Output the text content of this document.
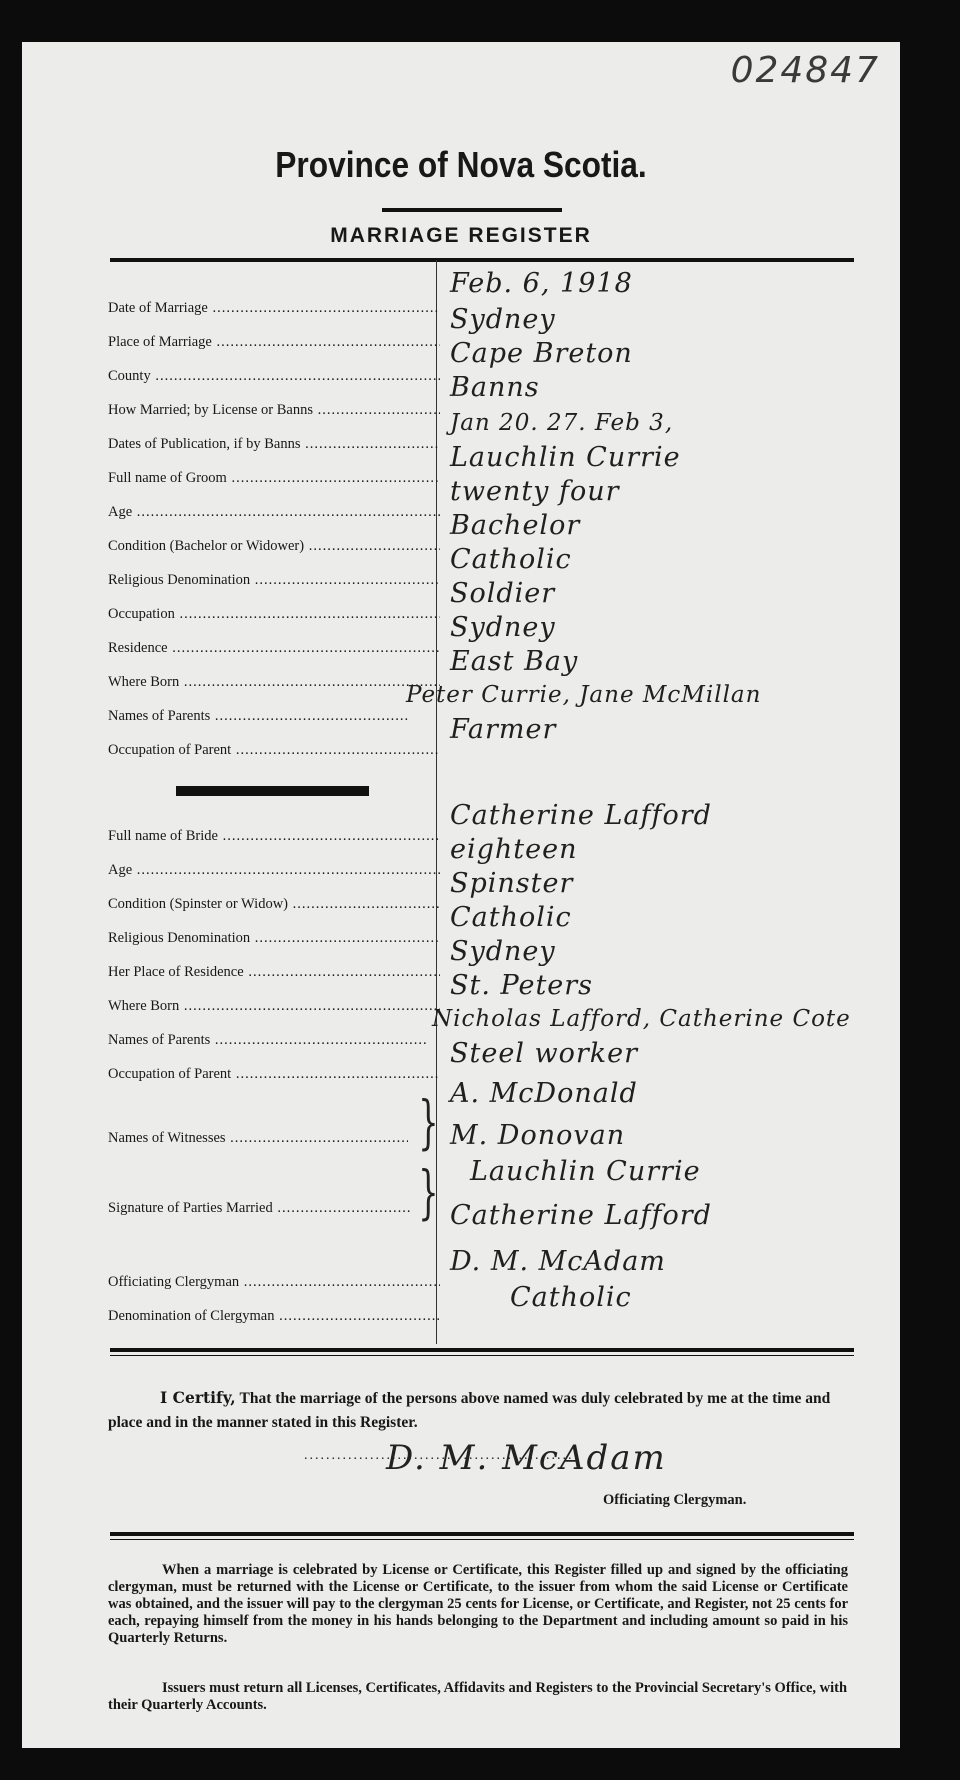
024847
Province of Nova Scotia.
MARRIAGE REGISTER
Date of Marriage .....
Feb. 6, 1918
Place of Marriage .....
Sydney
County .....
Cape Breton
How Married; by License or Banns .....
Banns
Dates of Publication, if by Banns .....
Jan 20. 27. Feb 3,
Full name of Groom .....
Lauchlin Currie
Age .....
twenty four
Condition (Bachelor or Widower) .....
Bachelor
Religious Denomination .....
Catholic
Occupation .....
Soldier
Residence .....
Sydney
Where Born .....
East Bay
Names of Parents .....
Peter Currie, Jane McMillan
Occupation of Parent .....
Farmer
Full name of Bride .....
Catherine Lafford
Age .....
eighteen
Condition (Spinster or Widow) .....
Spinster
Religious Denomination .....
Catholic
Her Place of Residence .....
Sydney
Where Born .....
St. Peters
Names of Parents .....
Nicholas Lafford, Catherine Cote
Occupation of Parent .....
Steel worker
Names of Witnesses .....	} A. McDonald
M. Donovan
Signature of Parties Married .....	} Lauchlin Currie
Catherine Lafford
Officiating Clergyman .....
D. M. McAdam
Denomination of Clergyman .....
Catholic
I Certify, That the marriage of the persons above named was duly celebrated by me at the time and place and in the manner stated in this Register.
.....
D. M. McAdam
Officiating Clergyman.
When a marriage is celebrated by License or Certificate, this Register filled up and signed by the officiating clergyman, must be returned with the License or Certificate, to the issuer from whom the said License or Certificate was obtained, and the issuer will pay to the clergyman 25 cents for License, or Certificate, and Register, not 25 cents for each, repaying himself from the money in his hands belonging to the Department and including amount so paid in his Quarterly Returns.
Issuers must return all Licenses, Certificates, Affidavits and Registers to the Provincial Secretary's Office, with their Quarterly Accounts.
